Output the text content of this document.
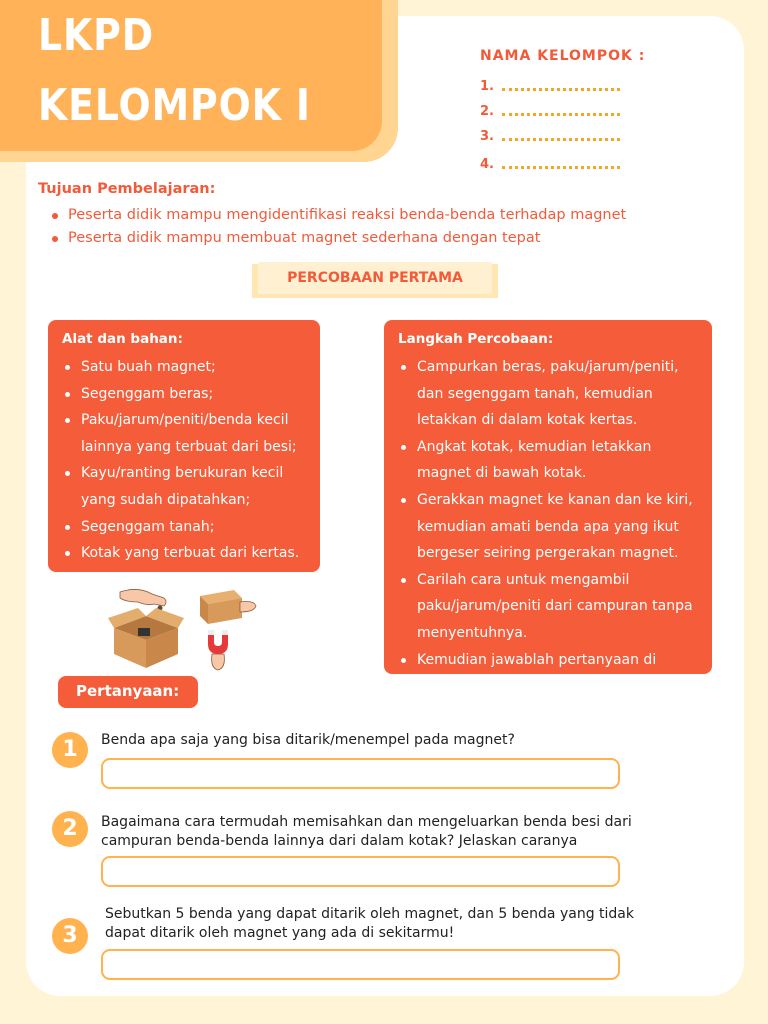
LKPD
KELOMPOK I

NAMA KELOMPOK :

1.
2.
3.
4.

Tujuan Pembelajaran:

Peserta didik mampu mengidentifikasi reaksi benda-benda terhadap magnet
Peserta didik mampu membuat magnet sederhana dengan tepat
PERCOBAAN PERTAMA

Alat dan bahan:

Satu buah magnet;
Segenggam beras;
Paku/jarum/peniti/benda kecil lainnya yang terbuat dari besi;
Kayu/ranting berukuran kecil yang sudah dipatahkan;
Segenggam tanah;
Kotak yang terbuat dari kertas.

Langkah Percobaan:

Campurkan beras, paku/jarum/peniti, dan segenggam tanah, kemudian letakkan di dalam kotak kertas.
Angkat kotak, kemudian letakkan magnet di bawah kotak.
Gerakkan magnet ke kanan dan ke kiri, kemudian amati benda apa yang ikut bergeser seiring pergerakan magnet.
Carilah cara untuk mengambil paku/jarum/peniti dari campuran tanpa menyentuhnya.
Kemudian jawablah pertanyaan di
Pertanyaan:
1	Benda apa saja yang bisa ditarik/menempel pada magnet?

2	Bagaimana cara termudah memisahkan dan mengeluarkan benda besi dari campuran benda-benda lainnya dari dalam kotak? Jelaskan caranya

3

Sebutkan 5 benda yang dapat ditarik oleh magnet, dan 5 benda yang tidak dapat ditarik oleh magnet yang ada di sekitarmu!
